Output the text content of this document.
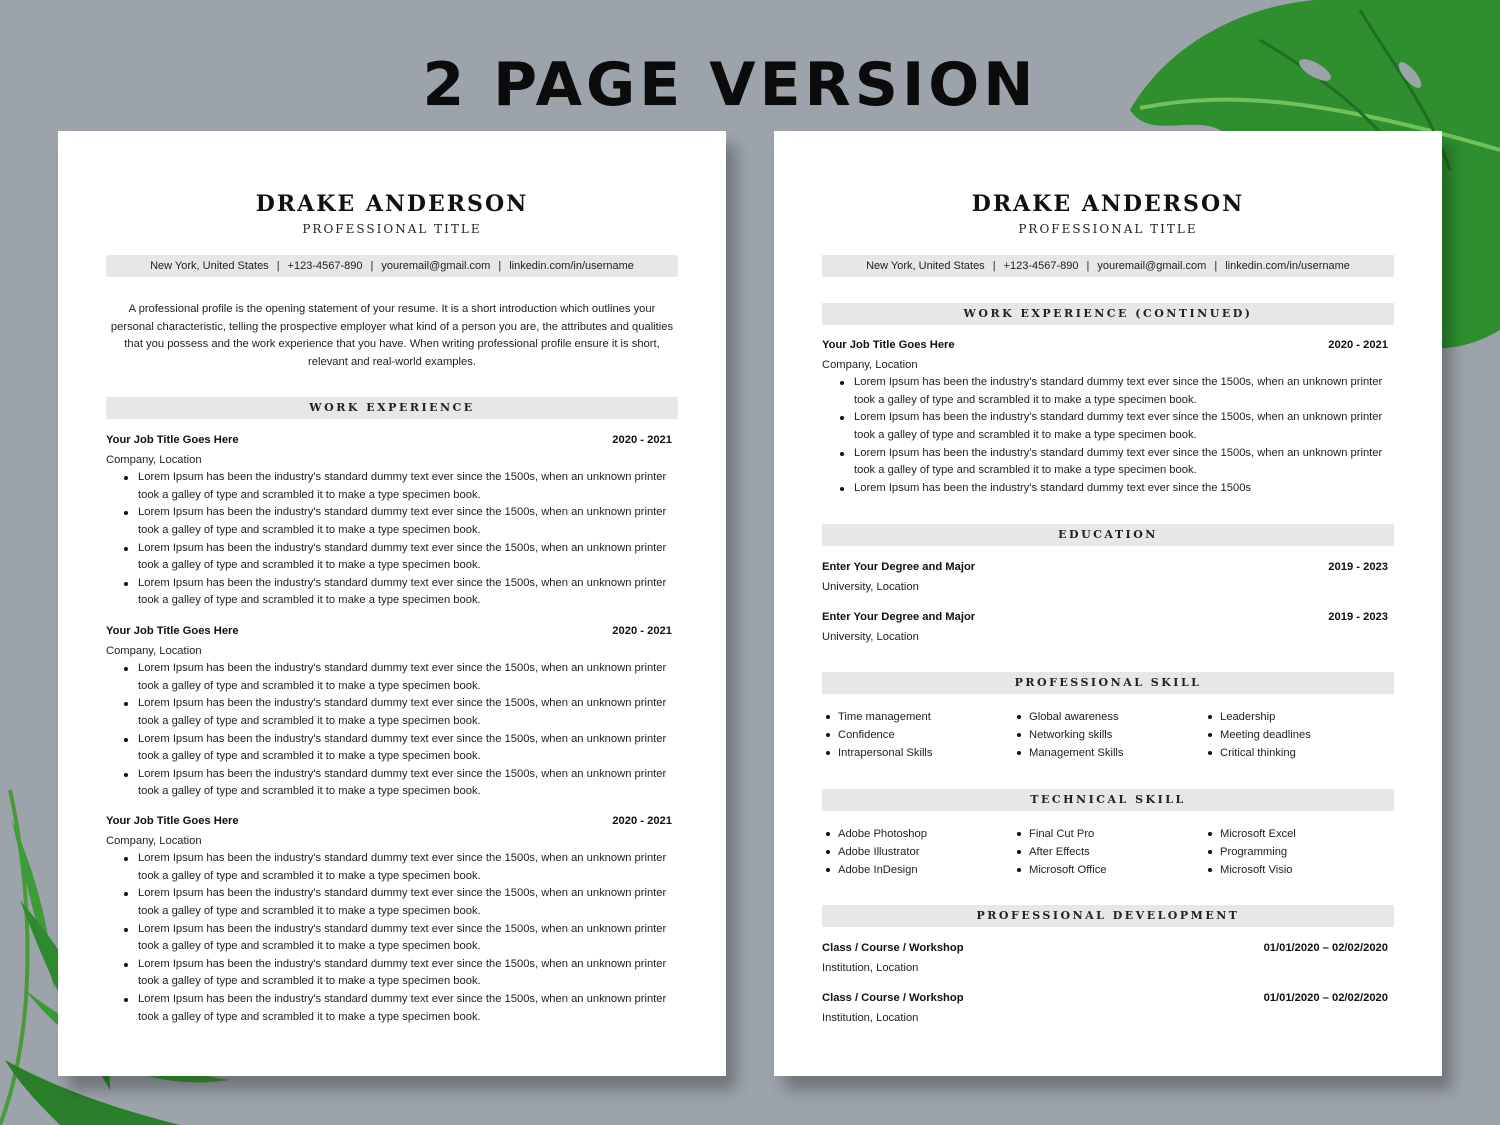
2 PAGE VERSION
DRAKE ANDERSON
PROFESSIONAL TITLE
New York, United States | +123-4567-890 | youremail@gmail.com | linkedin.com/in/username
A professional profile is the opening statement of your resume. It is a short introduction which outlines your personal characteristic, telling the prospective employer what kind of a person you are, the attributes and qualities that you possess and the work experience that you have. When writing professional profile ensure it is short, relevant and real-world examples.
WORK EXPERIENCE
Your Job Title Goes Here	2020 - 2021
Company, Location
Lorem Ipsum has been the industry's standard dummy text ever since the 1500s, when an unknown printer took a galley of type and scrambled it to make a type specimen book.
Lorem Ipsum has been the industry's standard dummy text ever since the 1500s, when an unknown printer took a galley of type and scrambled it to make a type specimen book.
Lorem Ipsum has been the industry's standard dummy text ever since the 1500s, when an unknown printer took a galley of type and scrambled it to make a type specimen book.
Lorem Ipsum has been the industry's standard dummy text ever since the 1500s, when an unknown printer took a galley of type and scrambled it to make a type specimen book.
Your Job Title Goes Here	2020 - 2021
Company, Location
Lorem Ipsum has been the industry's standard dummy text ever since the 1500s, when an unknown printer took a galley of type and scrambled it to make a type specimen book.
Lorem Ipsum has been the industry's standard dummy text ever since the 1500s, when an unknown printer took a galley of type and scrambled it to make a type specimen book.
Lorem Ipsum has been the industry's standard dummy text ever since the 1500s, when an unknown printer took a galley of type and scrambled it to make a type specimen book.
Lorem Ipsum has been the industry's standard dummy text ever since the 1500s, when an unknown printer took a galley of type and scrambled it to make a type specimen book.
Your Job Title Goes Here	2020 - 2021
Company, Location
Lorem Ipsum has been the industry's standard dummy text ever since the 1500s, when an unknown printer took a galley of type and scrambled it to make a type specimen book.
Lorem Ipsum has been the industry's standard dummy text ever since the 1500s, when an unknown printer took a galley of type and scrambled it to make a type specimen book.
Lorem Ipsum has been the industry's standard dummy text ever since the 1500s, when an unknown printer took a galley of type and scrambled it to make a type specimen book.
Lorem Ipsum has been the industry's standard dummy text ever since the 1500s, when an unknown printer took a galley of type and scrambled it to make a type specimen book.
Lorem Ipsum has been the industry's standard dummy text ever since the 1500s, when an unknown printer took a galley of type and scrambled it to make a type specimen book.
DRAKE ANDERSON
PROFESSIONAL TITLE
New York, United States | +123-4567-890 | youremail@gmail.com | linkedin.com/in/username
WORK EXPERIENCE (CONTINUED)
Your Job Title Goes Here	2020 - 2021
Company, Location
Lorem Ipsum has been the industry's standard dummy text ever since the 1500s, when an unknown printer took a galley of type and scrambled it to make a type specimen book.
Lorem Ipsum has been the industry's standard dummy text ever since the 1500s, when an unknown printer took a galley of type and scrambled it to make a type specimen book.
Lorem Ipsum has been the industry's standard dummy text ever since the 1500s, when an unknown printer took a galley of type and scrambled it to make a type specimen book.
Lorem Ipsum has been the industry's standard dummy text ever since the 1500s
EDUCATION
Enter Your Degree and Major	2019 - 2023
University, Location
Enter Your Degree and Major	2019 - 2023
University, Location
PROFESSIONAL SKILL
Time management
Confidence
Intrapersonal Skills
Global awareness
Networking skills
Management Skills
Leadership
Meeting deadlines
Critical thinking
TECHNICAL SKILL
Adobe Photoshop
Adobe Illustrator
Adobe InDesign
Final Cut Pro
After Effects
Microsoft Office
Microsoft Excel
Programming
Microsoft Visio
PROFESSIONAL DEVELOPMENT
Class / Course / Workshop	01/01/2020 – 02/02/2020
Institution, Location
Class / Course / Workshop	01/01/2020 – 02/02/2020
Institution, Location
